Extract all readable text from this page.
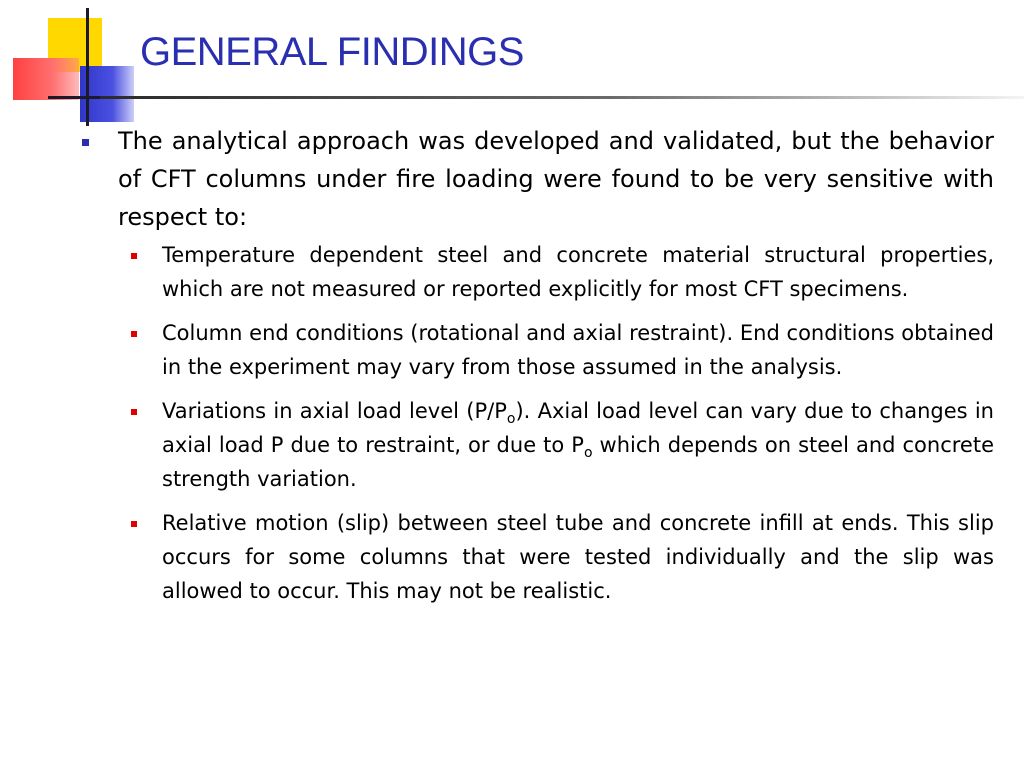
GENERAL FINDINGS
The analytical approach was developed and validated, but the behavior of CFT columns under fire loading were found to be very sensitive with respect to:
Temperature dependent steel and concrete material structural properties, which are not measured or reported explicitly for most CFT specimens.
Column end conditions (rotational and axial restraint). End conditions obtained in the experiment may vary from those assumed in the analysis.
Variations in axial load level $(P/P_o)$. Axial load level can vary due to changes in axial load P due to restraint, or due to $P_o$ which depends on steel and concrete strength variation.
Relative motion (slip) between steel tube and concrete infill at ends. This slip occurs for some columns that were tested individually and the slip was allowed to occur. This may not be realistic.
